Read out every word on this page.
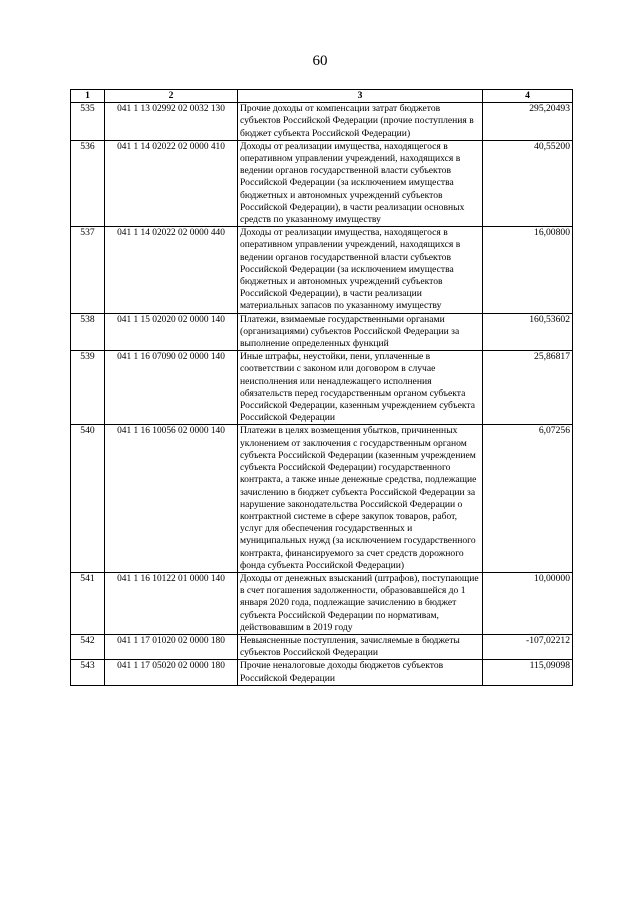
60
1	2	3	4
535	041 1 13 02992 02 0032 130	Прочие доходы от компенсации затрат бюджетов субъектов Российской Федерации (прочие поступления в бюджет субъекта Российской Федерации)	295,20493
536	041 1 14 02022 02 0000 410	Доходы от реализации имущества, находящегося в оперативном управлении учреждений, находящихся в ведении органов государственной власти субъектов Российской Федерации (за исключением имущества бюджетных и автономных учреждений субъектов Российской Федерации), в части реализации основных средств по указанному имуществу	40,55200
537	041 1 14 02022 02 0000 440	Доходы от реализации имущества, находящегося в оперативном управлении учреждений, находящихся в ведении органов государственной власти субъектов Российской Федерации (за исключением имущества бюджетных и автономных учреждений субъектов Российской Федерации), в части реализации материальных запасов по указанному имуществу	16,00800
538	041 1 15 02020 02 0000 140	Платежи, взимаемые государственными органами (организациями) субъектов Российской Федерации за выполнение определенных функций	160,53602
539	041 1 16 07090 02 0000 140	Иные штрафы, неустойки, пени, уплаченные в соответствии с законом или договором в случае неисполнения или ненадлежащего исполнения обязательств перед государственным органом субъекта Российской Федерации, казенным учреждением субъекта Российской Федерации	25,86817
540	041 1 16 10056 02 0000 140	Платежи в целях возмещения убытков, причиненных уклонением от заключения с государственным органом субъекта Российской Федерации (казенным учреждением субъекта Российской Федерации) государственного контракта, а также иные денежные средства, подлежащие зачислению в бюджет субъекта Российской Федерации за нарушение законодательства Российской Федерации о контрактной системе в сфере закупок товаров, работ, услуг для обеспечения государственных и муниципальных нужд (за исключением государственного контракта, финансируемого за счет средств дорожного фонда субъекта Российской Федерации)	6,07256
541	041 1 16 10122 01 0000 140	Доходы от денежных взысканий (штрафов), поступающие в счет погашения задолженности, образовавшейся до 1 января 2020 года, подлежащие зачислению в бюджет субъекта Российской Федерации по нормативам, действовавшим в 2019 году	10,00000
542	041 1 17 01020 02 0000 180	Невыясненные поступления, зачисляемые в бюджеты субъектов Российской Федерации	-107,02212
543	041 1 17 05020 02 0000 180	Прочие неналоговые доходы бюджетов субъектов Российской Федерации	115,09098
